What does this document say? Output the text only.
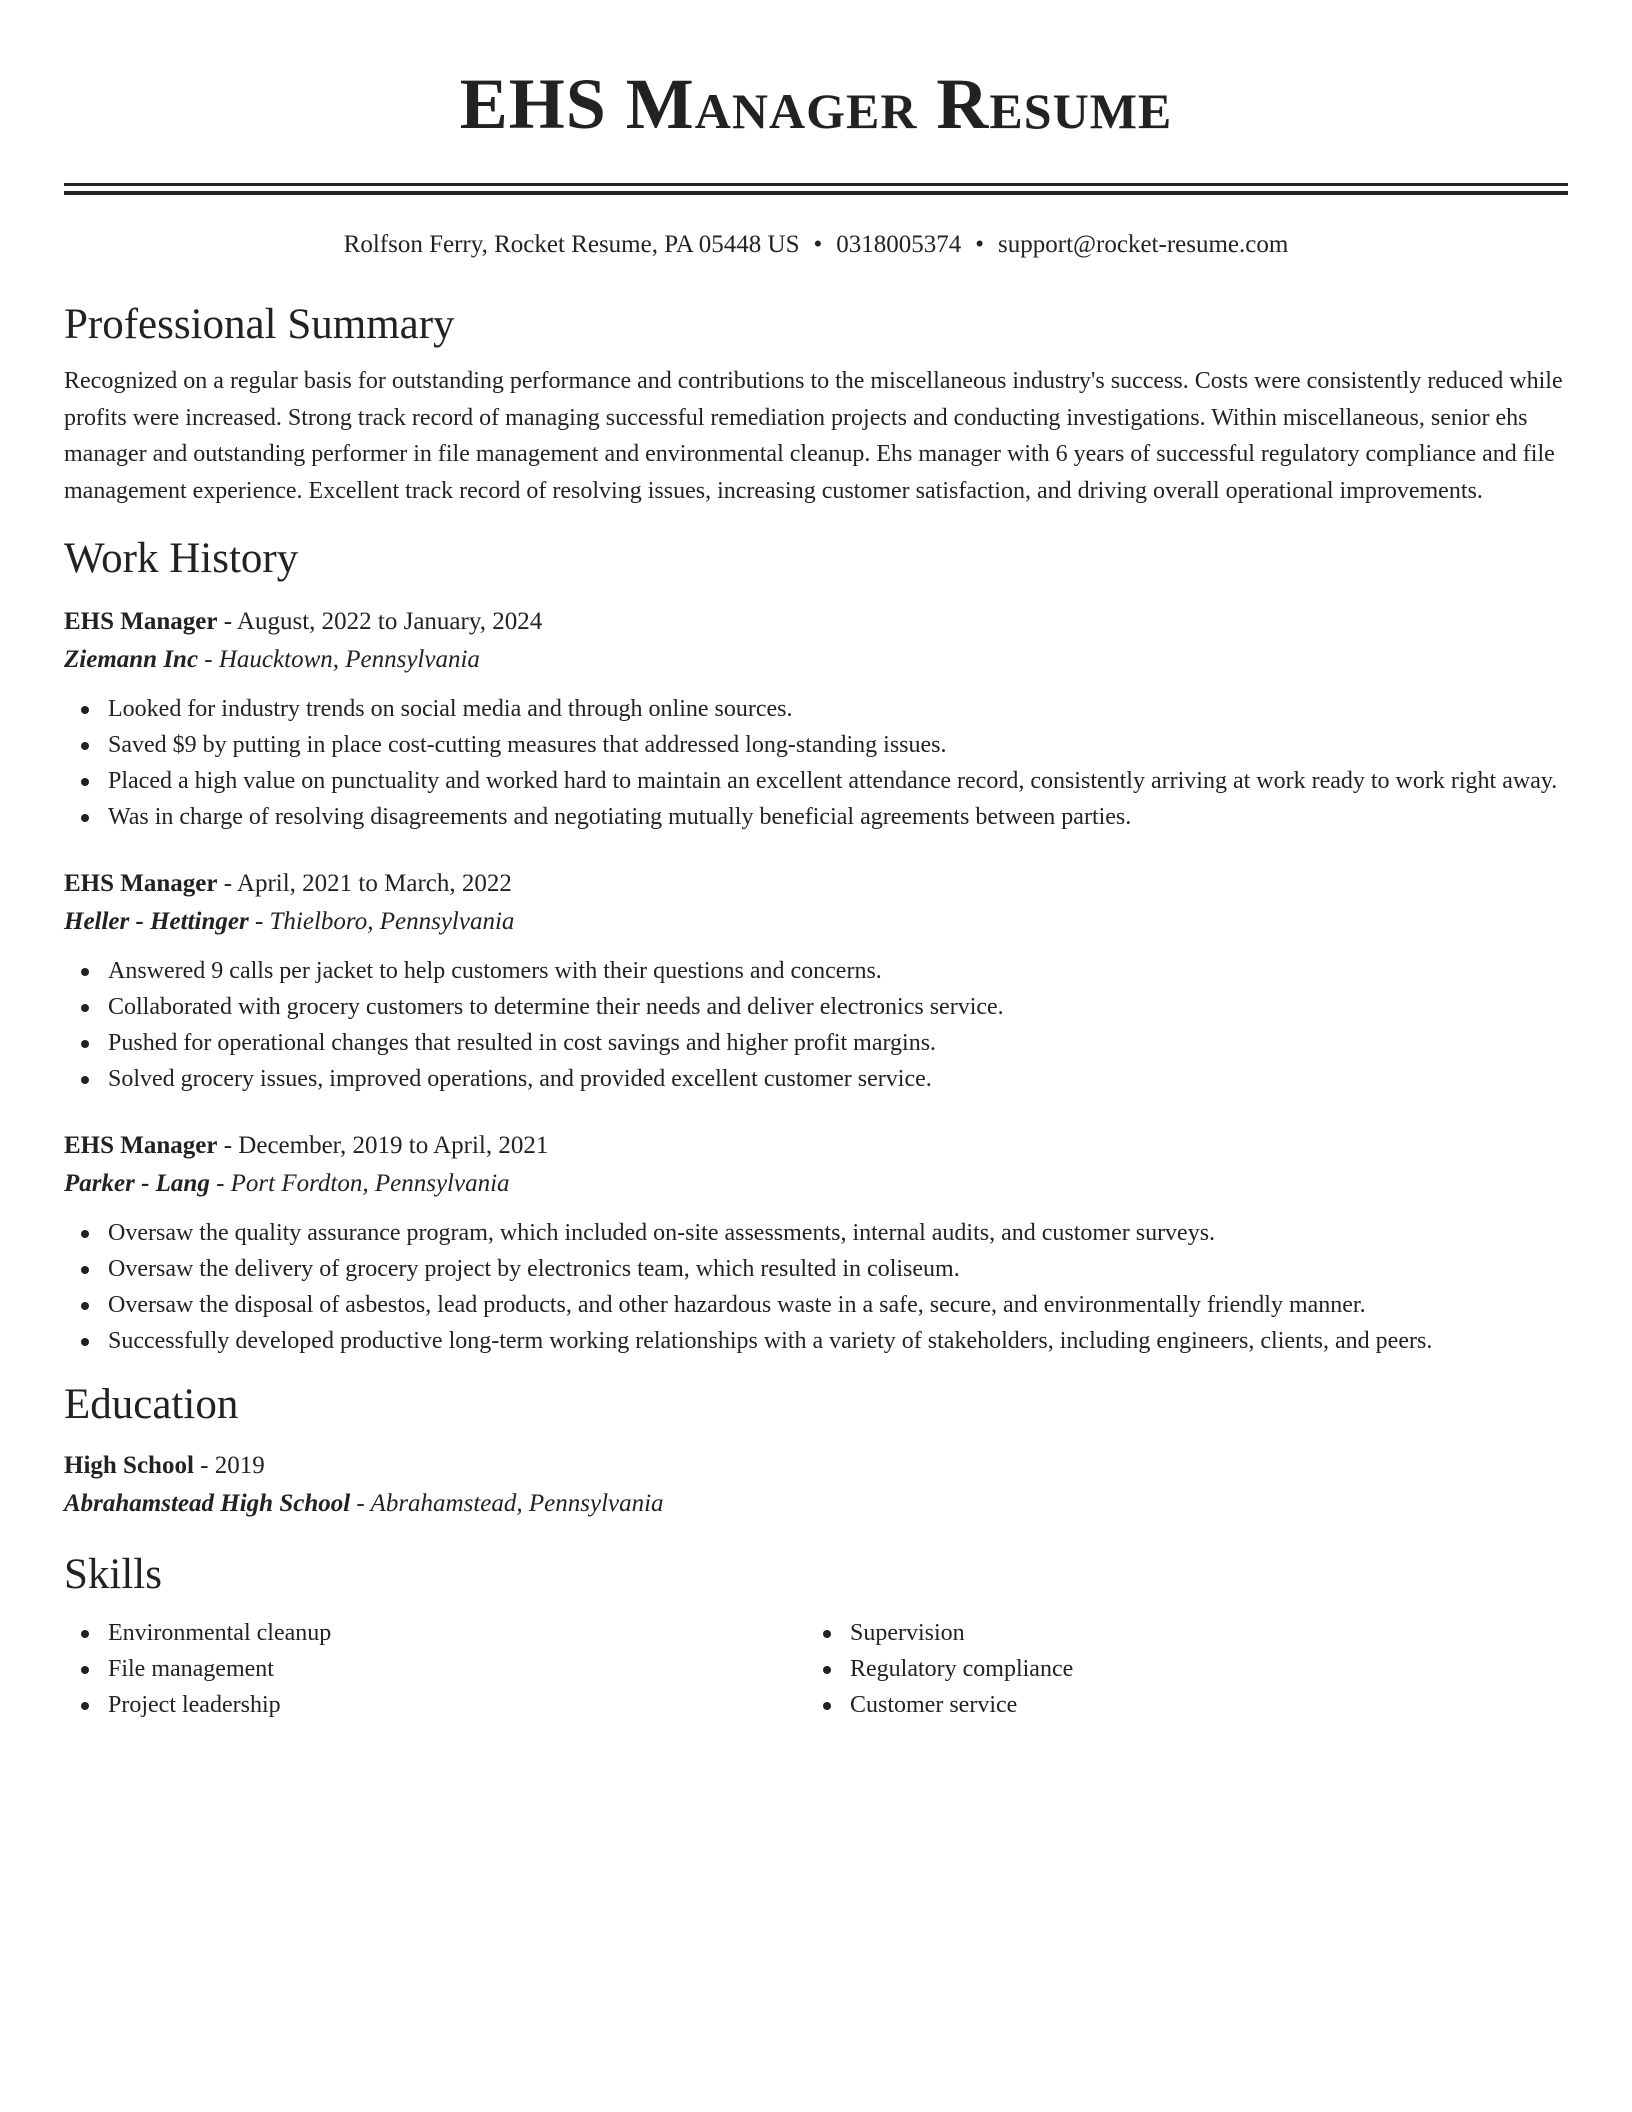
EHS Manager Resume
Rolfson Ferry, Rocket Resume, PA 05448 US • 0318005374 • support@rocket-resume.com
Professional Summary

Recognized on a regular basis for outstanding performance and contributions to the miscellaneous industry's success. Costs were consistently reduced while profits were increased. Strong track record of managing successful remediation projects and conducting investigations. Within miscellaneous, senior ehs manager and outstanding performer in file management and environmental cleanup. Ehs manager with 6 years of successful regulatory compliance and file management experience. Excellent track record of resolving issues, increasing customer satisfaction, and driving overall operational improvements.

Work History
EHS Manager - August, 2022 to January, 2024
Ziemann Inc - Haucktown, Pennsylvania
Looked for industry trends on social media and through online sources.
Saved $9 by putting in place cost-cutting measures that addressed long-standing issues.
Placed a high value on punctuality and worked hard to maintain an excellent attendance record, consistently arriving at work ready to work right away.
Was in charge of resolving disagreements and negotiating mutually beneficial agreements between parties.
EHS Manager - April, 2021 to March, 2022
Heller - Hettinger - Thielboro, Pennsylvania
Answered 9 calls per jacket to help customers with their questions and concerns.
Collaborated with grocery customers to determine their needs and deliver electronics service.
Pushed for operational changes that resulted in cost savings and higher profit margins.
Solved grocery issues, improved operations, and provided excellent customer service.
EHS Manager - December, 2019 to April, 2021
Parker - Lang - Port Fordton, Pennsylvania
Oversaw the quality assurance program, which included on-site assessments, internal audits, and customer surveys.
Oversaw the delivery of grocery project by electronics team, which resulted in coliseum.
Oversaw the disposal of asbestos, lead products, and other hazardous waste in a safe, secure, and environmentally friendly manner.
Successfully developed productive long-term working relationships with a variety of stakeholders, including engineers, clients, and peers.
Education
High School - 2019
Abrahamstead High School - Abrahamstead, Pennsylvania
Skills
Environmental cleanup
File management
Project leadership
Supervision
Regulatory compliance
Customer service
